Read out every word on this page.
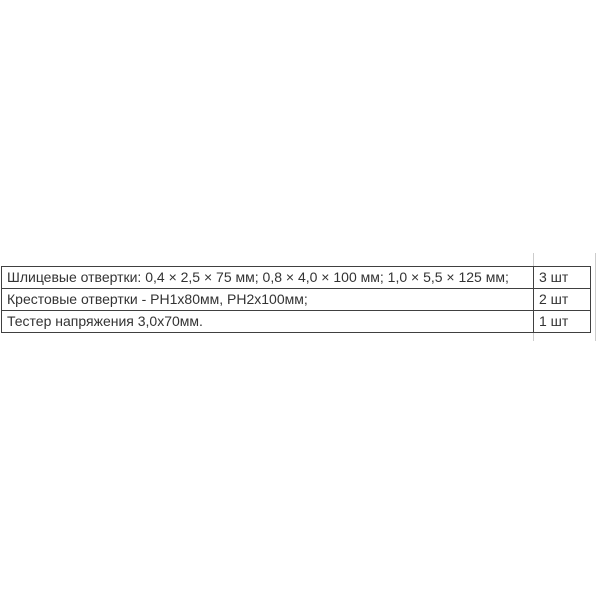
Шлицевые отвертки: 0,4 × 2,5 × 75 мм; 0,8 × 4,0 × 100 мм; 1,0 × 5,5 × 125 мм;	3 шт
Крестовые отвертки - PH1x80мм, PH2x100мм;	2 шт
Тестер напряжения 3,0x70мм.	1 шт
